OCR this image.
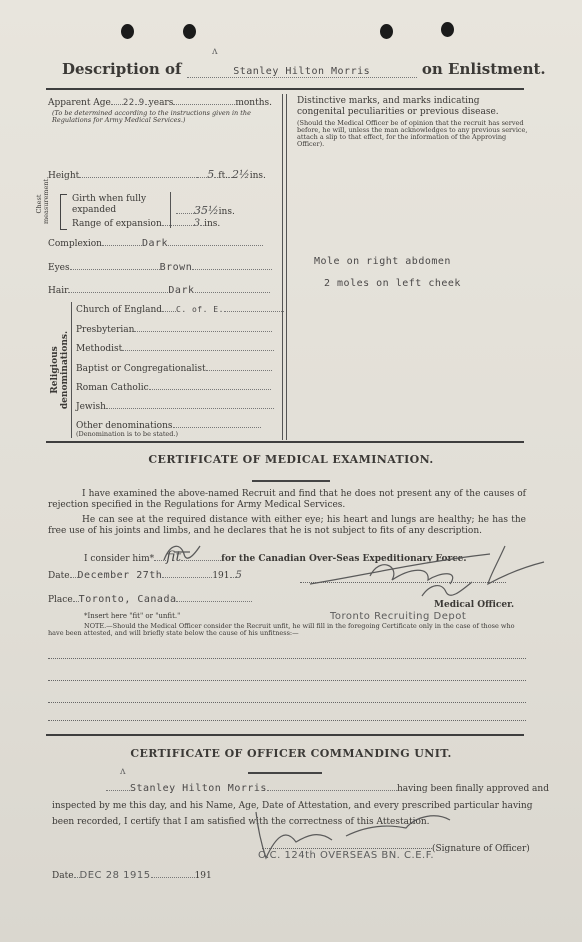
Description of	Stanley Hilton Morris	on Enlistment.
Apparent Age 22 9 years	months.
(To be determined according to the instructions given in the Regulations for Army Medical Services.)
Height	5 ft. 2½ins.
Chest measurement. Girth when fully expanded	35½ins.
Range of expansion	3 ins.
Complexion	Dark
Eyes	Brown
Hair	Dark
Religious denominations.
Church of England C. of. E.
Presbyterian
Methodist
Baptist or Congregationalist
Roman Catholic
Jewish
Other denominations
(Denomination is to be stated.)
Distinctive marks, and marks indicating congenital peculiarities or previous disease.
(Should the Medical Officer be of opinion that the recruit has served before, he will, unless the man acknowledges to any previous service, attach a slip to that effect, for the information of the Approving Officer).
Mole on right abdomen
2 moles on left cheek
CERTIFICATE OF MEDICAL EXAMINATION.
I have examined the above-named Recruit and find that he does not present any of the causes of rejection specified in the Regulations for Army Medical Services.
He can see at the required distance with either eye; his heart and lungs are healthy; he has the free use of his joints and limbs, and he declares that he is not subject to fits of any description.
I consider him* fit	for the Canadian Over-Seas Expeditionary Force.
Date December 27th	191 5
Place Toronto, Canada	Medical Officer.
*Insert here "fit" or "unfit."	Toronto Recruiting Depot
NOTE.—Should the Medical Officer consider the Recruit unfit, he will fill in the foregoing Certificate only in the case of those who have been attested, and will briefly state below the cause of his unfitness:—
CERTIFICATE OF OFFICER COMMANDING UNIT.
Stanley Hilton Morris	having been finally approved and
inspected by me this day, and his Name, Age, Date of Attestation, and every prescribed particular having
been recorded, I certify that I am satisfied with the correctness of this Attestation.
O.C. 124th OVERSEAS BN. C.E.F.
(Signature of Officer)
Date DEC 28 1915	191
ᴧ
ᴧ
